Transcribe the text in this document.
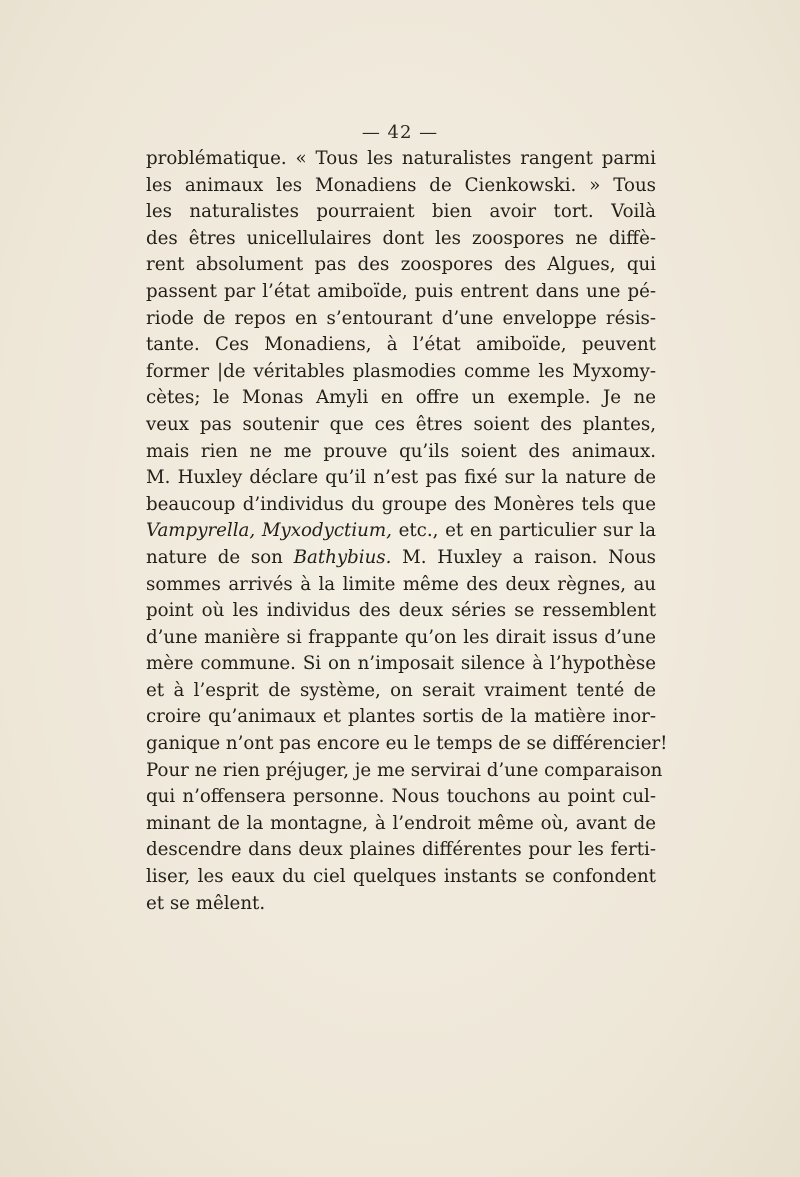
— 42 —
problématique. « Tous les naturalistes rangent parmi
les animaux les Monadiens de Cienkowski. » Tous
les naturalistes pourraient bien avoir tort. Voilà
des êtres unicellulaires dont les zoospores ne diffè-
rent absolument pas des zoospores des Algues, qui
passent par l’état amiboïde, puis entrent dans une pé-
riode de repos en s’entourant d’une enveloppe résis-
tante. Ces Monadiens, à l’état amiboïde, peuvent
former |de véritables plasmodies comme les Myxomy-
cètes; le Monas Amyli en offre un exemple. Je ne
veux pas soutenir que ces êtres soient des plantes,
mais rien ne me prouve qu’ils soient des animaux.
M. Huxley déclare qu’il n’est pas fixé sur la nature de
beaucoup d’individus du groupe des Monères tels que
Vampyrella, Myxodyctium, etc., et en particulier sur la
nature de son Bathybius. M. Huxley a raison. Nous
sommes arrivés à la limite même des deux règnes, au
point où les individus des deux séries se ressemblent
d’une manière si frappante qu’on les dirait issus d’une
mère commune. Si on n’imposait silence à l’hypothèse
et à l’esprit de système, on serait vraiment tenté de
croire qu’animaux et plantes sortis de la matière inor-
ganique n’ont pas encore eu le temps de se différencier!
Pour ne rien préjuger, je me servirai d’une comparaison
qui n’offensera personne. Nous touchons au point cul-
minant de la montagne, à l’endroit même où, avant de
descendre dans deux plaines différentes pour les ferti-
liser, les eaux du ciel quelques instants se confondent
et se mêlent.
